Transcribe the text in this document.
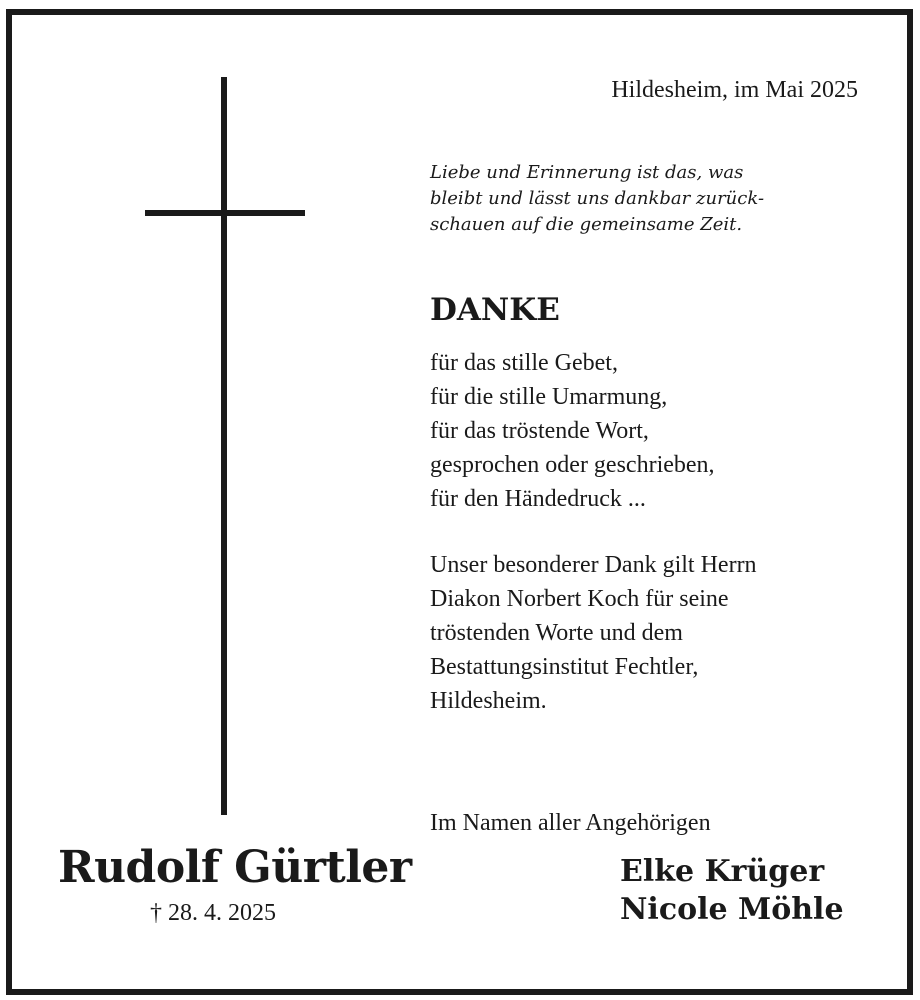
Hildesheim, im Mai 2025
Liebe und Erinnerung ist das, was
bleibt und lässt uns dankbar zurück-
schauen auf die gemeinsame Zeit.
DANKE
für das stille Gebet,
für die stille Umarmung,
für das tröstende Wort,
gesprochen oder geschrieben,
für den Händedruck ...
Unser besonderer Dank gilt Herrn
Diakon Norbert Koch für seine
tröstenden Worte und dem
Bestattungsinstitut Fechtler,
Hildesheim.
Im Namen aller Angehörigen
Rudolf Gürtler
† 28. 4. 2025
Elke Krüger
Nicole Möhle
